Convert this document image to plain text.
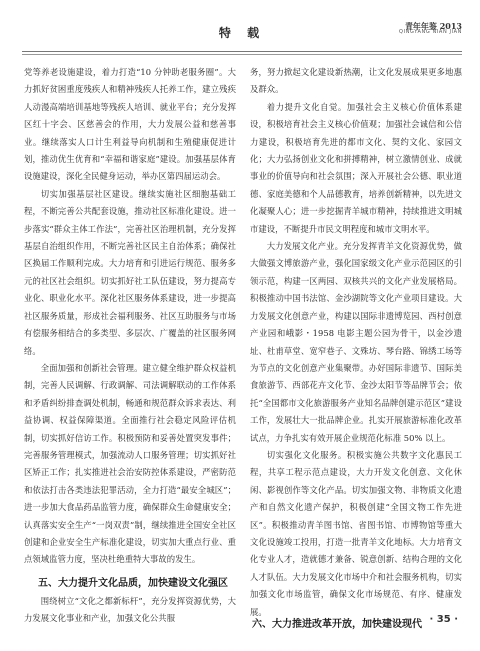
特 载	青年年鉴 2013
QINGYANG NIAN JIAN

党等养老设施建设，着力打造“10 分钟助老服务圈”。大力抓好贫困重度残疾人和精神残疾人托养工作，建立残疾人动漫高端培训基地等残疾人培训、就业平台；充分发挥区红十字会、区慈善会的作用，大力发展公益和慈善事业。继续落实人口计生利益导向机制和生殖健康促进计划，推动优生优育和“幸福和谐家庭”建设。加强基层体育设施建设，深化全民健身运动，举办区第四届运动会。

切实加强基层社区建设。继续实施社区细胞基础工程，不断完善公共配套设施，推动社区标准化建设。进一步落实“群众主体工作法”，完善社区治理机制，充分发挥基层自治组织作用，不断完善社区民主自治体系；确保社区换届工作顺利完成。大力培育和引进运行规范、服务多元的社区社会组织。切实抓好社工队伍建设，努力提高专业化、职业化水平。深化社区服务体系建设，进一步提高社区服务质量，形成社会福利服务、社区互助服务与市场有偿服务相结合的多类型、多层次、广覆盖的社区服务网络。

全面加强和创新社会管理。建立健全维护群众权益机制，完善人民调解、行政调解、司法调解联动的工作体系和矛盾纠纷排查调处机制，畅通和规范群众诉求表达、利益协调、权益保障渠道。全面推行社会稳定风险评估机制，切实抓好信访工作。积极预防和妥善处置突发事件；完善服务管理模式，加强流动人口服务管理；切实抓好社区矫正工作；扎实推进社会治安防控体系建设，严密防范和依法打击各类违法犯罪活动，全力打造“最安全城区”；进一步加大食品药品监管力度，确保群众生命健康安全；认真落实安全生产“一岗双责”制，继续推进全国安全社区创建和企业安全生产标准化建设，切实加大重点行业、重点领域监管力度，坚决杜绝重特大事故的发生。

五、大力提升文化品质，加快建设文化强区

围绕树立“文化之都新标杆”，充分发挥资源优势，大力发展文化事业和产业，加强文化公共服

务，努力掀起文化建设新热潮，让文化发展成果更多地惠及群众。

着力提升文化自觉。加强社会主义核心价值体系建设，积极培育社会主义核心价值观；加强社会诚信和公信力建设，积极培育先进的都市文化、契约文化、家园文化；大力弘扬创业文化和拼搏精神，树立激情创业、成就事业的价值导向和社会氛围；深入开展社会公德、职业道德、家庭美德和个人品德教育，培养创新精神，以先进文化凝聚人心；进一步挖掘青羊城市精神，持续推进文明城市建设，不断提升市民文明程度和城市文明水平。

大力发展文化产业。充分发挥青羊文化资源优势，做大做强文博旅游产业，强化国家级文化产业示范园区的引领示范，构建一区两园、双核共兴的文化产业发展格局。积极推动中国书法馆、金沙湖院等文化产业项目建设。大力发展文化创意产业，构建以国际非遗博览园、西村创意产业园和峨影・1958 电影主题公园为骨干，以金沙遗址、杜甫草堂、宽窄巷子、文殊坊、琴台路、锦绣工场等为节点的文化创意产业集聚带。办好国际非遗节、国际美食旅游节、西部花卉文化节、金沙太阳节等品牌节会；依托“全国都市文化旅游服务产业知名品牌创建示范区”建设工作，发展壮大一批品牌企业。扎实开展旅游标准化改革试点，力争扎实有效开展企业规范化标准 50% 以上。

切实强化文化服务。积极实施公共数字文化惠民工程，共享工程示范点建设，大力开发文化创意、文化休闲、影视创作等文化产品。切实加强文物、非物质文化遗产和自然文化遗产保护，积极创建“全国文物工作先进区”。积极推动青羊图书馆、省图书馆、市博物馆等重大文化设施竣工投用，打造一批青羊文化地标。大力培育文化专业人才，造就德才兼备、锐意创新、结构合理的文化人才队伍。大力发展文化市场中介和社会服务机构，切实加强文化市场监管，确保文化市场规范、有序、健康发展。

六、大力推进改革开放，加快建设现代 · 35 ·
